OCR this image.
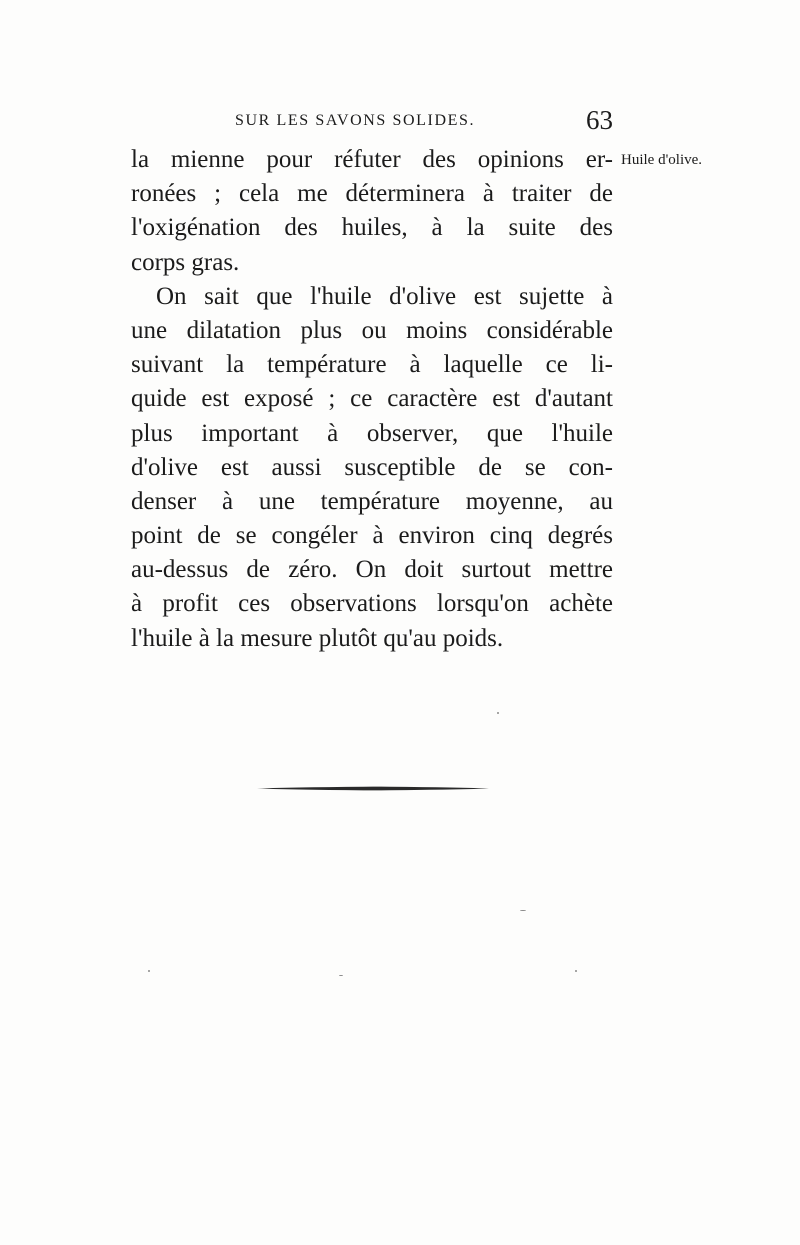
SUR LES SAVONS SOLIDES.	63
Huile d'olive.
la mienne pour réfuter des opinions er-
ronées ; cela me déterminera à traiter de
l'oxigénation des huiles, à la suite des
corps gras.
On sait que l'huile d'olive est sujette à
une dilatation plus ou moins considérable
suivant la température à laquelle ce li-
quide est exposé ; ce caractère est d'autant
plus important à observer, que l'huile
d'olive est aussi susceptible de se con-
denser à une température moyenne, au
point de se congéler à environ cinq degrés
au-dessus de zéro. On doit surtout mettre
à profit ces observations lorsqu'on achète
l'huile à la mesure plutôt qu'au poids.
